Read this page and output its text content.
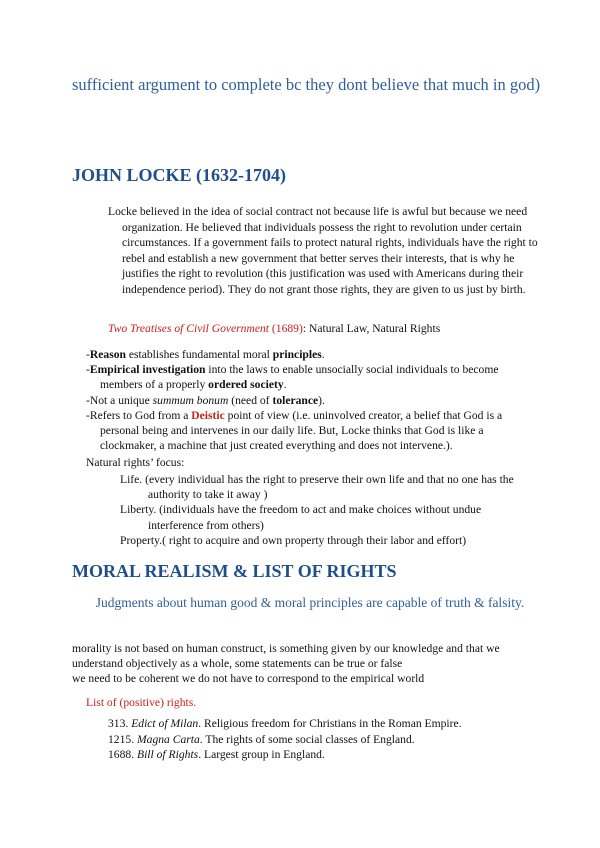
sufficient argument to complete bc they dont believe that much in god)
JOHN LOCKE (1632-1704)
Locke believed in the idea of social contract not because life is awful but because we need organization. He believed that individuals possess the right to revolution under certain circumstances. If a government fails to protect natural rights, individuals have the right to rebel and establish a new government that better serves their interests, that is why he justifies the right to revolution (this justification was used with Americans during their independence period). They do not grant those rights, they are given to us just by birth.
Two Treatises of Civil Government (1689): Natural Law, Natural Rights
-Reason establishes fundamental moral principles.
-Empirical investigation into the laws to enable unsocially social individuals to become members of a properly ordered society.
-Not a unique summum bonum (need of tolerance).
-Refers to God from a Deistic point of view (i.e. uninvolved creator, a belief that God is a personal being and intervenes in our daily life. But, Locke thinks that God is like a clockmaker, a machine that just created everything and does not intervene.).
Natural rights’ focus:
Life. (every individual has the right to preserve their own life and that no one has the authority to take it away )
Liberty. (individuals have the freedom to act and make choices without undue interference from others)
Property.( right to acquire and own property through their labor and effort)
MORAL REALISM & LIST OF RIGHTS
Judgments about human good & moral principles are capable of truth & falsity.
morality is not based on human construct, is something given by our knowledge and that we understand objectively as a whole, some statements can be true or false
we need to be coherent we do not have to correspond to the empirical world
List of (positive) rights.
313. Edict of Milan. Religious freedom for Christians in the Roman Empire.
1215. Magna Carta. The rights of some social classes of England.
1688. Bill of Rights. Largest group in England.
